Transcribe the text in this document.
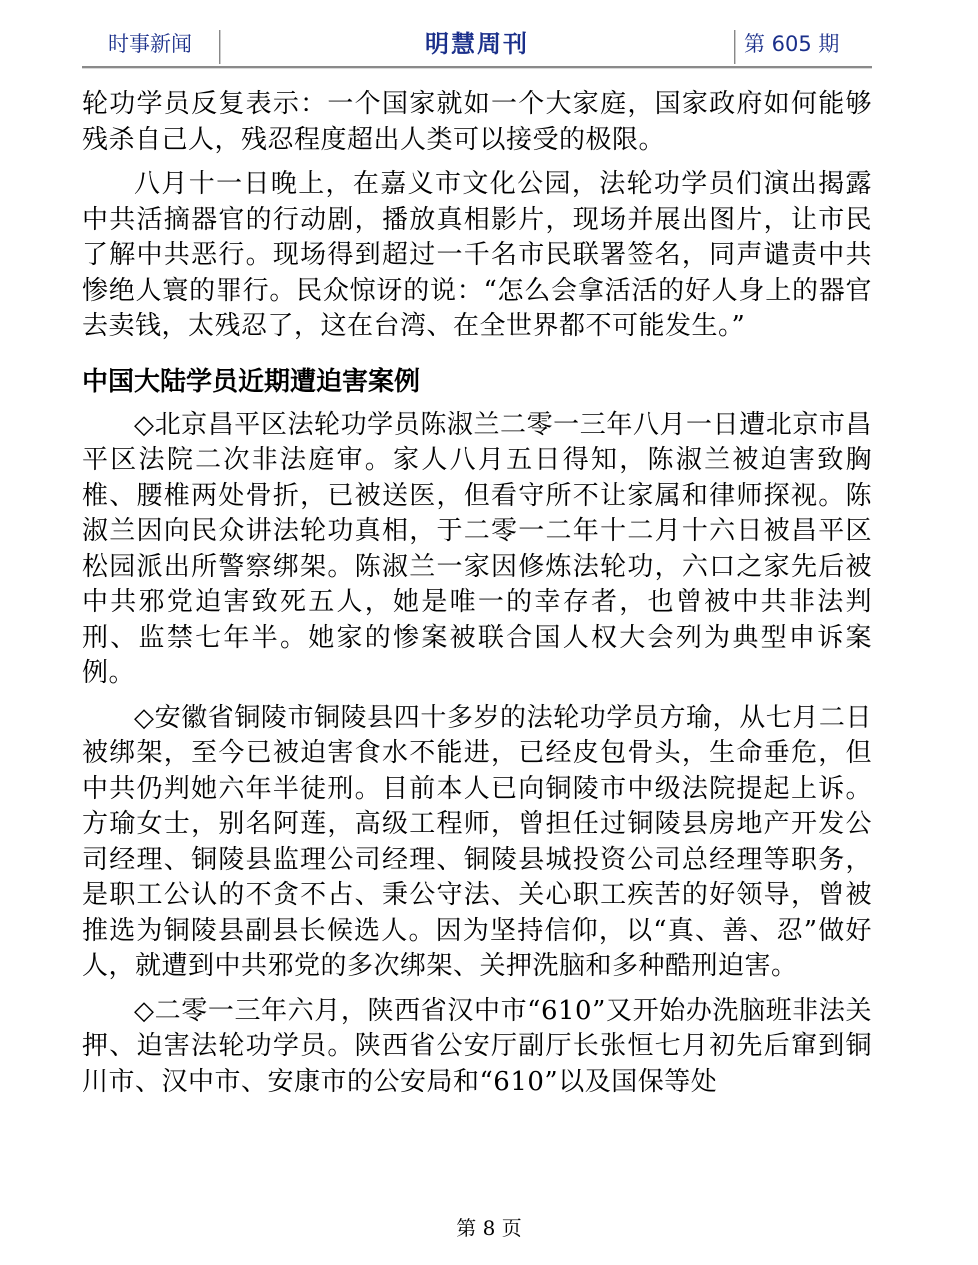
时事新闻	明慧周刊	第 605 期

轮功学员反复表示：一个国家就如一个大家庭，国家政府如何能够残杀自己人，残忍程度超出人类可以接受的极限。

八月十一日晚上，在嘉义市文化公园，法轮功学员们演出揭露中共活摘器官的行动剧，播放真相影片，现场并展出图片，让市民了解中共恶行。现场得到超过一千名市民联署签名，同声谴责中共惨绝人寰的罪行。民众惊讶的说：“怎么会拿活活的好人身上的器官去卖钱，太残忍了，这在台湾、在全世界都不可能发生。”

中国大陆学员近期遭迫害案例

◇北京昌平区法轮功学员陈淑兰二零一三年八月一日遭北京市昌平区法院二次非法庭审。家人八月五日得知，陈淑兰被迫害致胸椎、腰椎两处骨折，已被送医，但看守所不让家属和律师探视。陈淑兰因向民众讲法轮功真相，于二零一二年十二月十六日被昌平区松园派出所警察绑架。陈淑兰一家因修炼法轮功，六口之家先后被中共邪党迫害致死五人，她是唯一的幸存者，也曾被中共非法判刑、监禁七年半。她家的惨案被联合国人权大会列为典型申诉案例。

◇安徽省铜陵市铜陵县四十多岁的法轮功学员方瑜，从七月二日被绑架，至今已被迫害食水不能进，已经皮包骨头，生命垂危，但中共仍判她六年半徒刑。目前本人已向铜陵市中级法院提起上诉。方瑜女士，别名阿莲，高级工程师，曾担任过铜陵县房地产开发公司经理、铜陵县监理公司经理、铜陵县城投资公司总经理等职务，是职工公认的不贪不占、秉公守法、关心职工疾苦的好领导，曾被推选为铜陵县副县长候选人。因为坚持信仰，以“真、善、忍”做好人，就遭到中共邪党的多次绑架、关押洗脑和多种酷刑迫害。

◇二零一三年六月，陕西省汉中市“610”又开始办洗脑班非法关押、迫害法轮功学员。陕西省公安厅副厅长张恒七月初先后窜到铜川市、汉中市、安康市的公安局和“610”以及国保等处

第 8 页
